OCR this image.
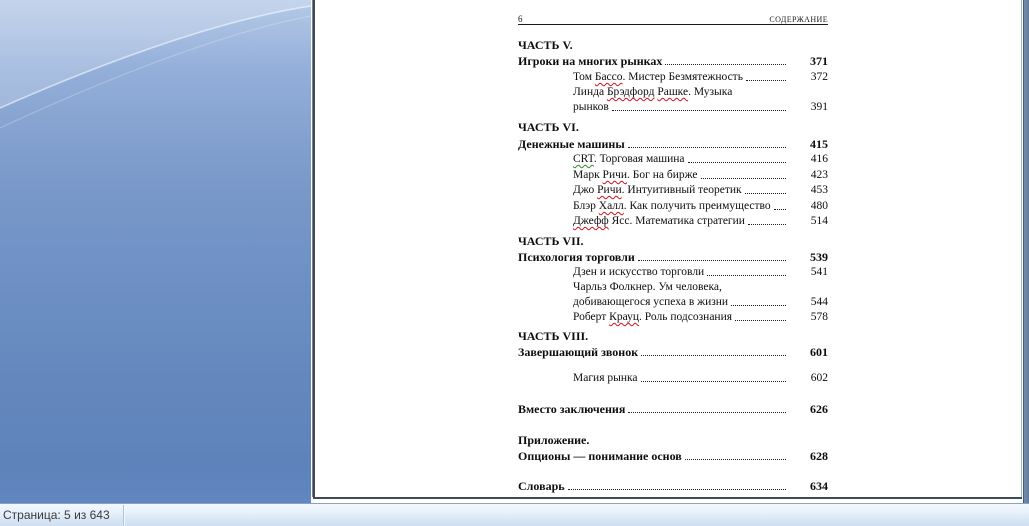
6	СОДЕРЖАНИЕ
ЧАСТЬ V.
Игроки на многих рынках	371
Том Бассо. Мистер Безмятежность	372
Линда Брэдфорд Рашке. Музыка
рынков	391
ЧАСТЬ VI.
Денежные машины	415
CRT. Торговая машина	416
Марк Ричи. Бог на бирже	423
Джо Ричи. Интуитивный теоретик	453
Блэр Халл. Как получить преимущество	480
Джефф Ясс. Математика стратегии	514
ЧАСТЬ VII.
Психология торговли	539
Дзен и искусство торговли	541
Чарльз Фолкнер. Ум человека,
добивающегося успеха в жизни	544
Роберт Крауц. Роль подсознания	578
ЧАСТЬ VIII.
Завершающий звонок	601
Магия рынка	602
Вместо заключения	626
Приложение.
Опционы — понимание основ	628
Словарь	634
Страница: 5 из 643
